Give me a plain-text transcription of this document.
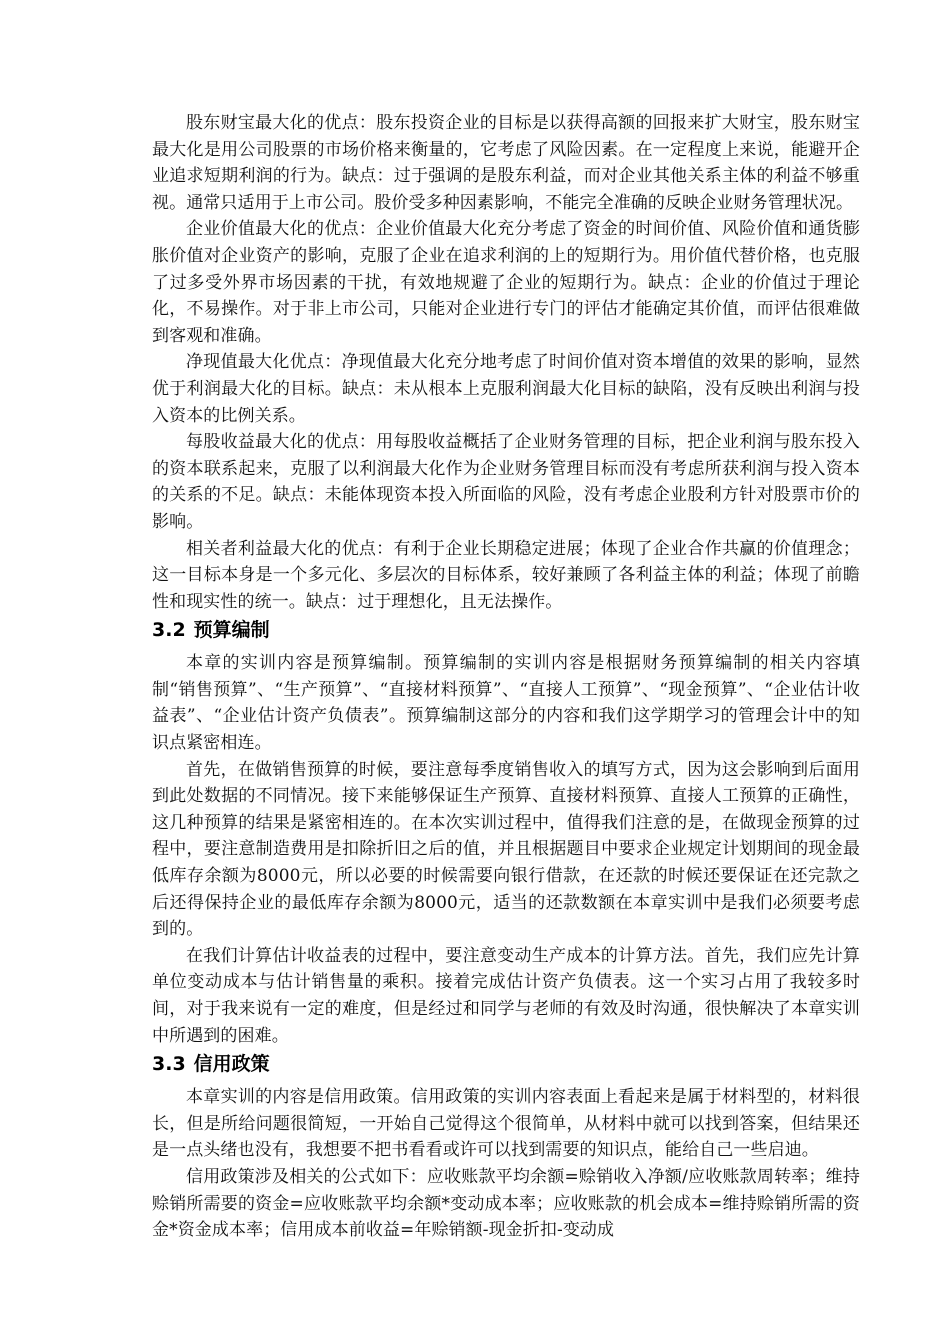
股东财宝最大化的优点：股东投资企业的目标是以获得高额的回报来扩大财宝，股东财宝最大化是用公司股票的市场价格来衡量的，它考虑了风险因素。在一定程度上来说，能避开企业追求短期利润的行为。缺点：过于强调的是股东利益，而对企业其他关系主体的利益不够重视。通常只适用于上市公司。股价受多种因素影响，不能完全准确的反映企业财务管理状况。

企业价值最大化的优点：企业价值最大化充分考虑了资金的时间价值、风险价值和通货膨胀价值对企业资产的影响，克服了企业在追求利润的上的短期行为。用价值代替价格，也克服了过多受外界市场因素的干扰，有效地规避了企业的短期行为。缺点：企业的价值过于理论化，不易操作。对于非上市公司，只能对企业进行专门的评估才能确定其价值，而评估很难做到客观和准确。

净现值最大化优点：净现值最大化充分地考虑了时间价值对资本增值的效果的影响，显然优于利润最大化的目标。缺点：未从根本上克服利润最大化目标的缺陷，没有反映出利润与投入资本的比例关系。

每股收益最大化的优点：用每股收益概括了企业财务管理的目标，把企业利润与股东投入的资本联系起来，克服了以利润最大化作为企业财务管理目标而没有考虑所获利润与投入资本的关系的不足。缺点：未能体现资本投入所面临的风险，没有考虑企业股利方针对股票市价的影响。

相关者利益最大化的优点：有利于企业长期稳定进展；体现了企业合作共赢的价值理念；这一目标本身是一个多元化、多层次的目标体系，较好兼顾了各利益主体的利益；体现了前瞻性和现实性的统一。缺点：过于理想化，且无法操作。

3.2 预算编制

本章的实训内容是预算编制。预算编制的实训内容是根据财务预算编制的相关内容填制“销售预算”、“生产预算”、“直接材料预算”、“直接人工预算”、“现金预算”、“企业估计收益表”、“企业估计资产负债表”。预算编制这部分的内容和我们这学期学习的管理会计中的知识点紧密相连。

首先，在做销售预算的时候，要注意每季度销售收入的填写方式，因为这会影响到后面用到此处数据的不同情况。接下来能够保证生产预算、直接材料预算、直接人工预算的正确性，这几种预算的结果是紧密相连的。在本次实训过程中，值得我们注意的是，在做现金预算的过程中，要注意制造费用是扣除折旧之后的值，并且根据题目中要求企业规定计划期间的现金最低库存余额为8000元，所以必要的时候需要向银行借款，在还款的时候还要保证在还完款之后还得保持企业的最低库存余额为8000元，适当的还款数额在本章实训中是我们必须要考虑到的。

在我们计算估计收益表的过程中，要注意变动生产成本的计算方法。首先，我们应先计算单位变动成本与估计销售量的乘积。接着完成估计资产负债表。这一个实习占用了我较多时间，对于我来说有一定的难度，但是经过和同学与老师的有效及时沟通，很快解决了本章实训中所遇到的困难。

3.3 信用政策

本章实训的内容是信用政策。信用政策的实训内容表面上看起来是属于材料型的，材料很长，但是所给问题很简短，一开始自己觉得这个很简单，从材料中就可以找到答案，但结果还是一点头绪也没有，我想要不把书看看或许可以找到需要的知识点，能给自己一些启迪。

信用政策涉及相关的公式如下：应收账款平均余额=赊销收入净额/应收账款周转率；维持赊销所需要的资金=应收账款平均余额*变动成本率；应收账款的机会成本=维持赊销所需的资金*资金成本率；信用成本前收益=年赊销额-现金折扣-变动成
